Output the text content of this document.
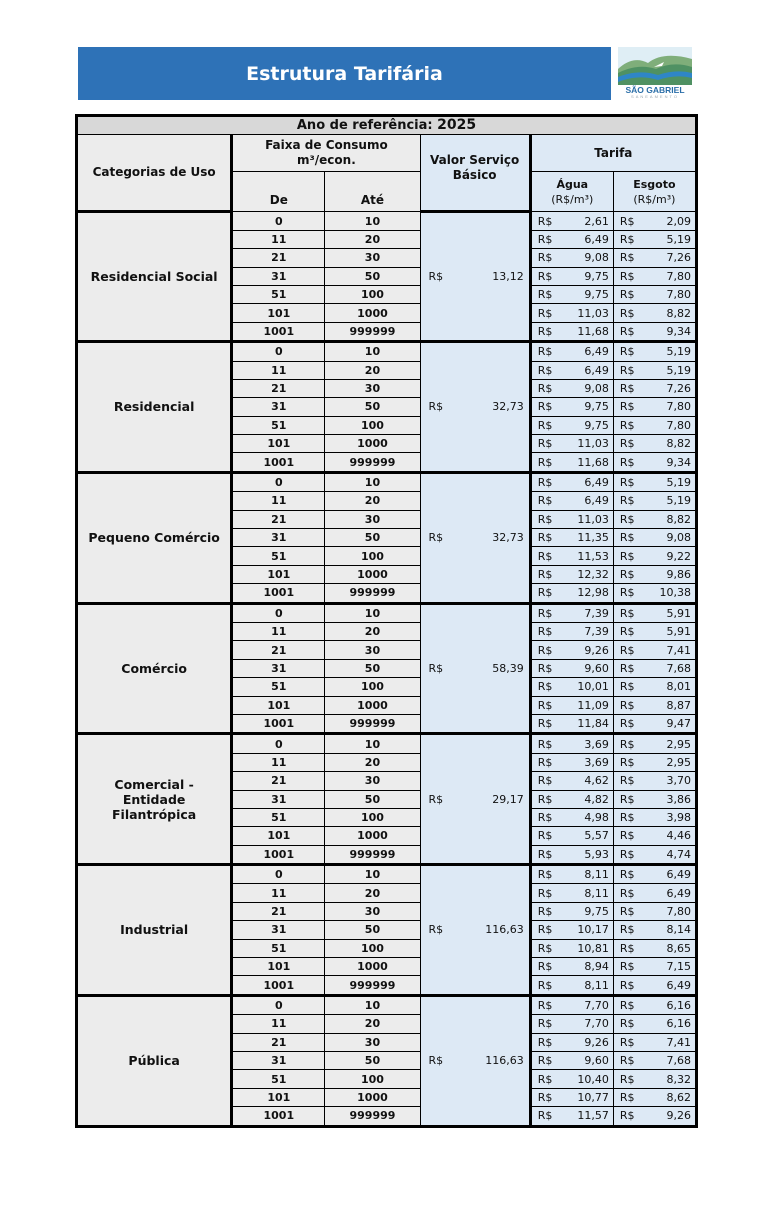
Estrutura Tarifária
SÃO GABRIEL
SANEAMENTO
Ano de referência: 2025					
Categorias de Uso	
Faixa de Consumo
m³/econ.	Valor Serviço
Básico
	Tarifa
De	Até	
Água
(R$/m³)

Esgoto
(R$/m³)

Residencial Social	0	10	R$ 13,12	R$ 2,61	R$ 2,09

	11	20		R$ 6,49	R$ 5,19

	21	30		R$ 9,08	R$ 7,26

	31	50		R$ 9,75	R$ 7,80

	51	100		R$ 9,75	R$ 7,80

	101	1000		R$ 11,03	R$ 8,82

	1001	999999		R$ 11,68	R$ 9,34

Residencial	0	10	R$ 32,73	R$ 6,49	R$ 5,19

	11	20		R$ 6,49	R$ 5,19

	21	30		R$ 9,08	R$ 7,26

	31	50		R$ 9,75	R$ 7,80

	51	100		R$ 9,75	R$ 7,80

	101	1000		R$ 11,03	R$ 8,82

	1001	999999		R$ 11,68	R$ 9,34

Pequeno Comércio	0	10	R$ 32,73	R$ 6,49	R$ 5,19

	11	20		R$ 6,49	R$ 5,19

	21	30		R$ 11,03	R$ 8,82

	31	50		R$ 11,35	R$ 9,08

	51	100		R$ 11,53	R$ 9,22

	101	1000		R$ 12,32	R$ 9,86

	1001	999999		R$ 12,98	R$ 10,38

Comércio	0	10	R$ 58,39	R$ 7,39	R$ 5,91

	11	20		R$ 7,39	R$ 5,91

	21	30		R$ 9,26	R$ 7,41

	31	50		R$ 9,60	R$ 7,68

	51	100		R$ 10,01	R$ 8,01

	101	1000		R$ 11,09	R$ 8,87

	1001	999999		R$ 11,84	R$ 9,47

Comercial - Entidade Filantrópica	0	10	R$ 29,17	R$ 3,69	R$ 2,95

	11	20		R$ 3,69	R$ 2,95

	21	30		R$ 4,62	R$ 3,70

	31	50		R$ 4,82	R$ 3,86

	51	100		R$ 4,98	R$ 3,98

	101	1000		R$ 5,57	R$ 4,46

	1001	999999		R$ 5,93	R$ 4,74

Industrial	0	10	R$ 116,63	R$ 8,11	R$ 6,49

	11	20		R$ 8,11	R$ 6,49

	21	30		R$ 9,75	R$ 7,80

	31	50		R$ 10,17	R$ 8,14

	51	100		R$ 10,81	R$ 8,65

	101	1000		R$ 8,94	R$ 7,15

	1001	999999		R$ 8,11	R$ 6,49

Pública	0	10	R$ 116,63	R$ 7,70	R$ 6,16

	11	20		R$ 7,70	R$ 6,16

	21	30		R$ 9,26	R$ 7,41

	31	50		R$ 9,60	R$ 7,68

	51	100		R$ 10,40	R$ 8,32

	101	1000		R$ 10,77	R$ 8,62

	1001	999999		R$ 11,57	R$ 9,26
